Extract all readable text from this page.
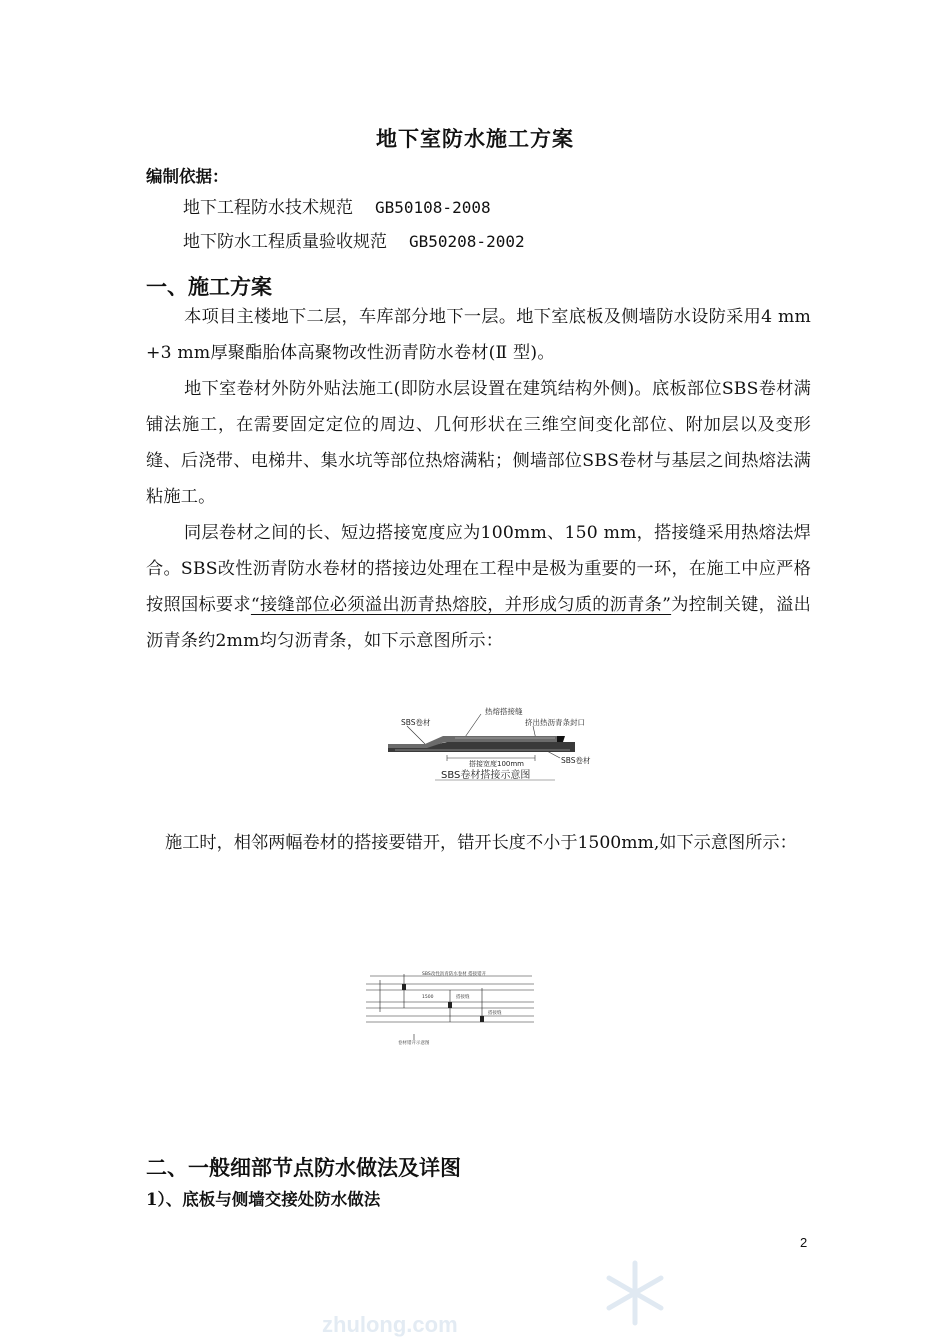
地下室防水施工方案
编制依据：
地下工程防水技术规范 GB50108-2008
地下防水工程质量验收规范 GB50208-2002
一、施工方案
本项目主楼地下二层，车库部分地下一层。地下室底板及侧墙防水设防采用4 mm +3 mm厚聚酯胎体高聚物改性沥青防水卷材(Ⅱ 型)。
地下室卷材外防外贴法施工(即防水层设置在建筑结构外侧)。底板部位SBS卷材满铺法施工，在需要固定定位的周边、几何形状在三维空间变化部位、附加层以及变形缝、后浇带、电梯井、集水坑等部位热熔满粘；侧墙部位SBS卷材与基层之间热熔法满粘施工。
同层卷材之间的长、短边搭接宽度应为100mm、150 mm，搭接缝采用热熔法焊合。SBS改性沥青防水卷材的搭接边处理在工程中是极为重要的一环，在施工中应严格按照国标要求“接缝部位必须溢出沥青热熔胶，并形成匀质的沥青条”为控制关键，溢出沥青条约2mm均匀沥青条，如下示意图所示：
热熔搭接缝
SBS卷材	挤出热沥青条封口
搭接宽度100mm	SBS卷材
SBS卷材搭接示意图
施工时，相邻两幅卷材的搭接要错开，错开长度不小于1500mm,如下示意图所示：
SBS改性沥青防水卷材 搭接错开
搭接缝
1500
搭接缝
卷材错开示意图
二、一般细部节点防水做法及详图
1）、底板与侧墙交接处防水做法
2
zhulong.com
